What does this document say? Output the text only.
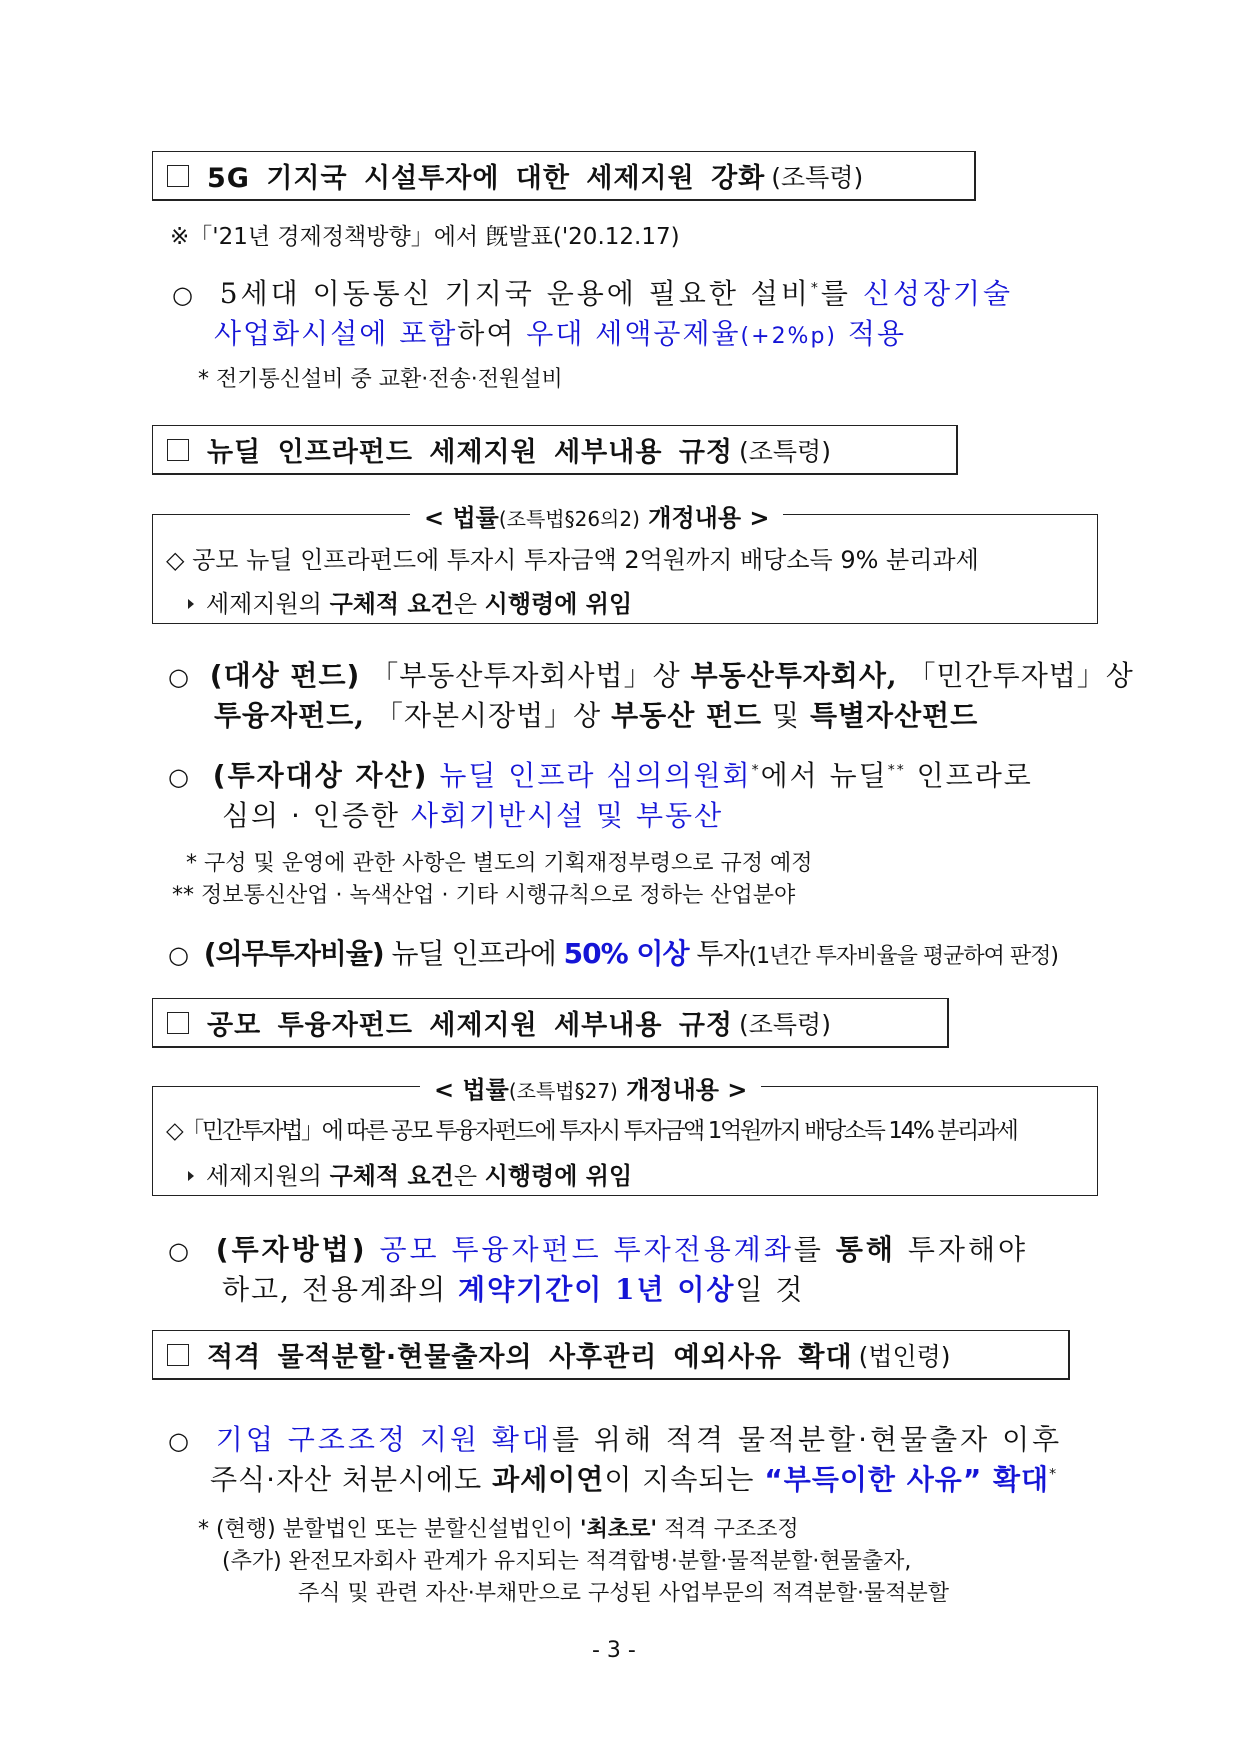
5G 기지국 시설투자에 대한 세제지원 강화 (조특령)
※「'21년 경제정책방향」에서 旣발표('20.12.17)
○ 5세대 이동통신 기지국 운용에 필요한 설비*를 신성장기술
사업화시설에 포함하여 우대 세액공제율(+2%p) 적용
* 전기통신설비 중 교환·전송·전원설비
뉴딜 인프라펀드 세제지원 세부내용 규정 (조특령)
< 법률(조특법§26의2) 개정내용 >
◇ 공모 뉴딜 인프라펀드에 투자시 투자금액 2억원까지 배당소득 9% 분리과세
세제지원의 구체적 요건은 시행령에 위임
○ (대상 펀드) 「부동산투자회사법」상 부동산투자회사, 「민간투자법」상
투융자펀드, 「자본시장법」상 부동산 펀드 및 특별자산펀드
○ (투자대상 자산) 뉴딜 인프라 심의의원회*에서 뉴딜** 인프라로
심의 · 인증한 사회기반시설 및 부동산
* 구성 및 운영에 관한 사항은 별도의 기획재정부령으로 규정 예정
** 정보통신산업 · 녹색산업 · 기타 시행규칙으로 정하는 산업분야
○ (의무투자비율) 뉴딜 인프라에 50% 이상 투자(1년간 투자비율을 평균하여 판정)
공모 투융자펀드 세제지원 세부내용 규정 (조특령)
< 법률(조특법§27) 개정내용 >
◇「민간투자법」에 따른 공모 투융자펀드에 투자시 투자금액 1억원까지 배당소득 14% 분리과세
세제지원의 구체적 요건은 시행령에 위임
○ (투자방법) 공모 투융자펀드 투자전용계좌를 통해 투자해야
하고, 전용계좌의 계약기간이 1년 이상일 것
적격 물적분할·현물출자의 사후관리 예외사유 확대 (법인령)
○ 기업 구조조정 지원 확대를 위해 적격 물적분할·현물출자 이후
주식·자산 처분시에도 과세이연이 지속되는 “부득이한 사유” 확대*
* (현행) 분할법인 또는 분할신설법인이 '최초로' 적격 구조조정
(추가) 완전모자회사 관계가 유지되는 적격합병·분할·물적분할·현물출자,
주식 및 관련 자산·부채만으로 구성된 사업부문의 적격분할·물적분할
- 3 -
